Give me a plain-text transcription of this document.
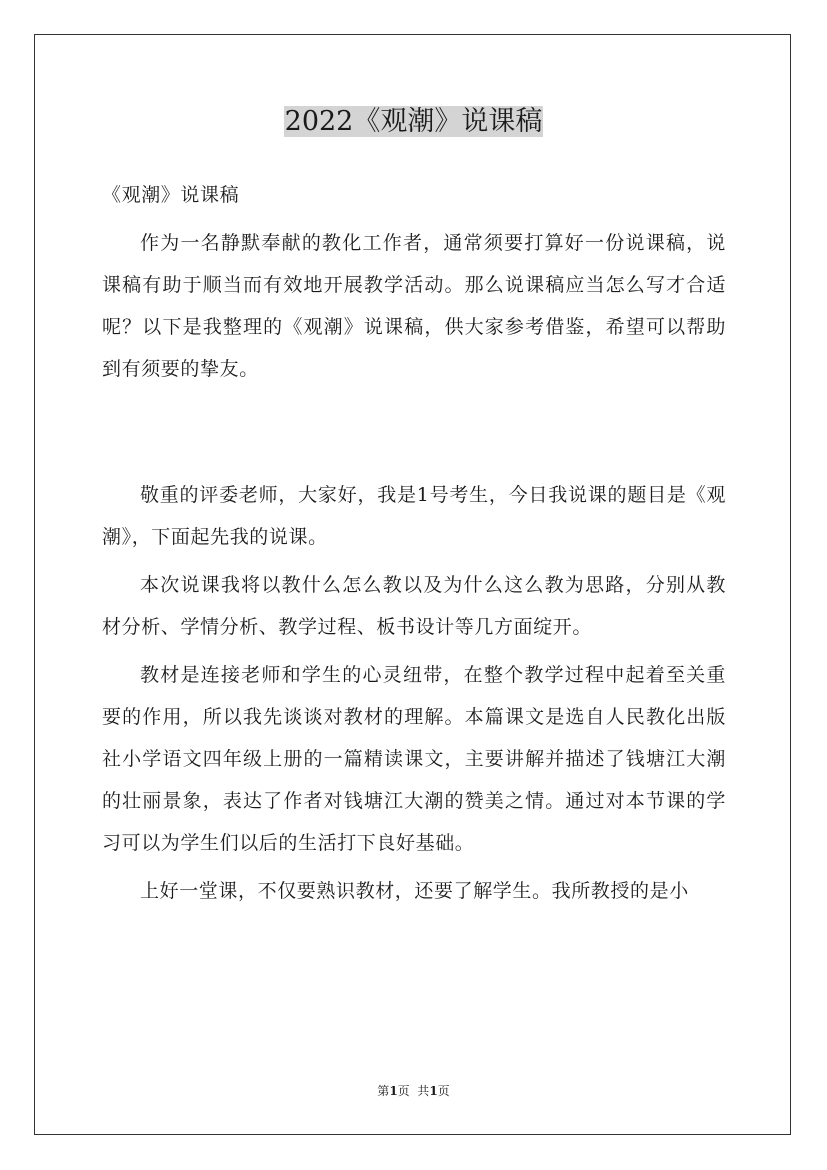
2022《观潮》说课稿

《观潮》说课稿

作为一名静默奉献的教化工作者，通常须要打算好一份说课稿，说课稿有助于顺当而有效地开展教学活动。那么说课稿应当怎么写才合适呢？以下是我整理的《观潮》说课稿，供大家参考借鉴，希望可以帮助到有须要的挚友。

敬重的评委老师，大家好，我是1号考生，今日我说课的题目是《观潮》，下面起先我的说课。

本次说课我将以教什么怎么教以及为什么这么教为思路，分别从教材分析、学情分析、教学过程、板书设计等几方面绽开。

教材是连接老师和学生的心灵纽带，在整个教学过程中起着至关重要的作用，所以我先谈谈对教材的理解。本篇课文是选自人民教化出版社小学语文四年级上册的一篇精读课文，主要讲解并描述了钱塘江大潮的壮丽景象，表达了作者对钱塘江大潮的赞美之情。通过对本节课的学习可以为学生们以后的生活打下良好基础。

上好一堂课，不仅要熟识教材，还要了解学生。我所教授的是小

第1页  共1页
